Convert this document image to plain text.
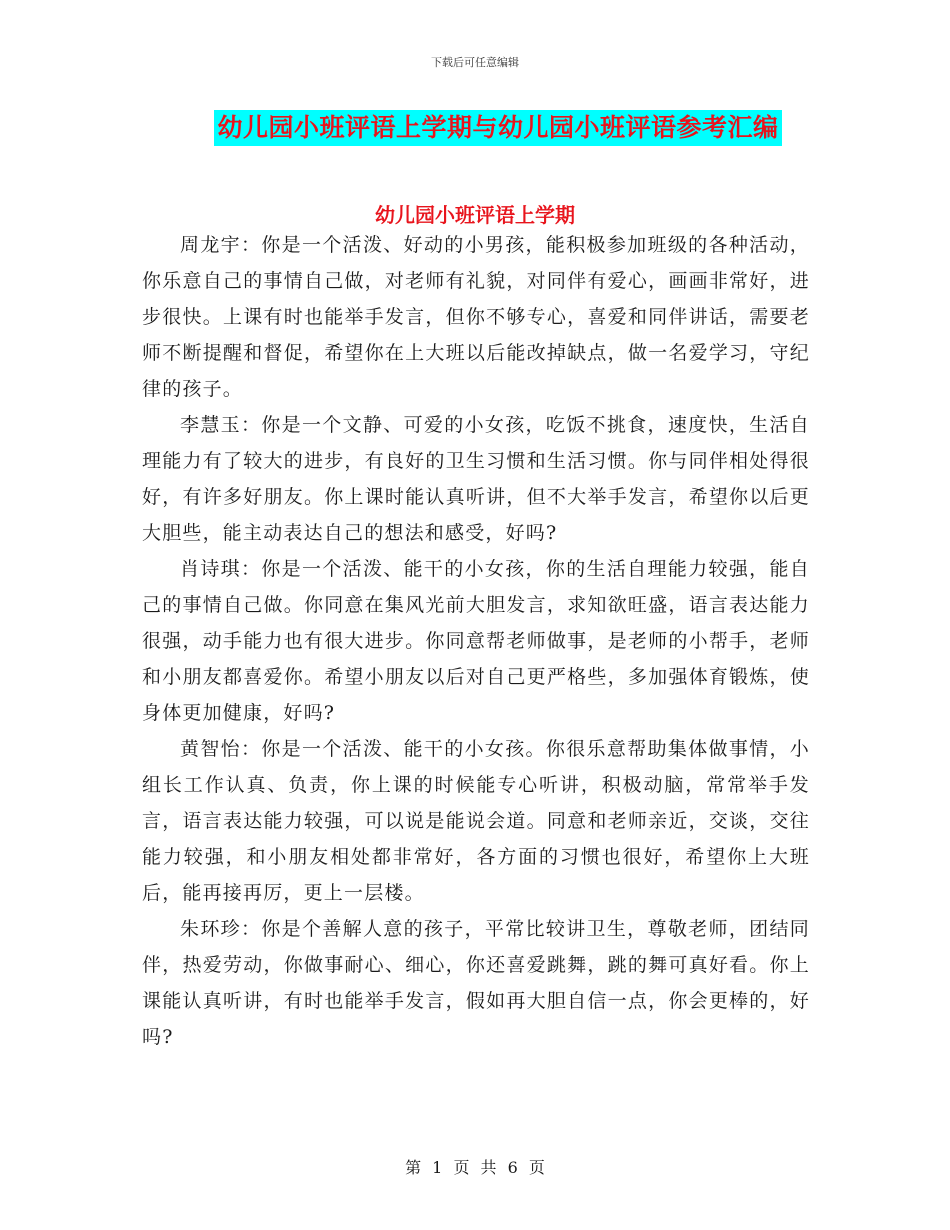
下载后可任意编辑
幼儿园小班评语上学期与幼儿园小班评语参考汇编
幼儿园小班评语上学期

周龙宇：你是一个活泼、好动的小男孩，能积极参加班级的各种活动，你乐意自己的事情自己做，对老师有礼貌，对同伴有爱心，画画非常好，进步很快。上课有时也能举手发言，但你不够专心，喜爱和同伴讲话，需要老师不断提醒和督促，希望你在上大班以后能改掉缺点，做一名爱学习，守纪律的孩子。

李慧玉：你是一个文静、可爱的小女孩，吃饭不挑食，速度快，生活自理能力有了较大的进步，有良好的卫生习惯和生活习惯。你与同伴相处得很好，有许多好朋友。你上课时能认真听讲，但不大举手发言，希望你以后更大胆些，能主动表达自己的想法和感受，好吗?

肖诗琪：你是一个活泼、能干的小女孩，你的生活自理能力较强，能自己的事情自己做。你同意在集风光前大胆发言，求知欲旺盛，语言表达能力很强，动手能力也有很大进步。你同意帮老师做事，是老师的小帮手，老师和小朋友都喜爱你。希望小朋友以后对自己更严格些，多加强体育锻炼，使身体更加健康，好吗?

黄智怡：你是一个活泼、能干的小女孩。你很乐意帮助集体做事情，小组长工作认真、负责，你上课的时候能专心听讲，积极动脑，常常举手发言，语言表达能力较强，可以说是能说会道。同意和老师亲近，交谈，交往能力较强，和小朋友相处都非常好，各方面的习惯也很好，希望你上大班后，能再接再厉，更上一层楼。

朱环珍：你是个善解人意的孩子，平常比较讲卫生，尊敬老师，团结同伴，热爱劳动，你做事耐心、细心，你还喜爱跳舞，跳的舞可真好看。你上课能认真听讲，有时也能举手发言，假如再大胆自信一点，你会更棒的，好吗?

第 1 页 共 6 页
